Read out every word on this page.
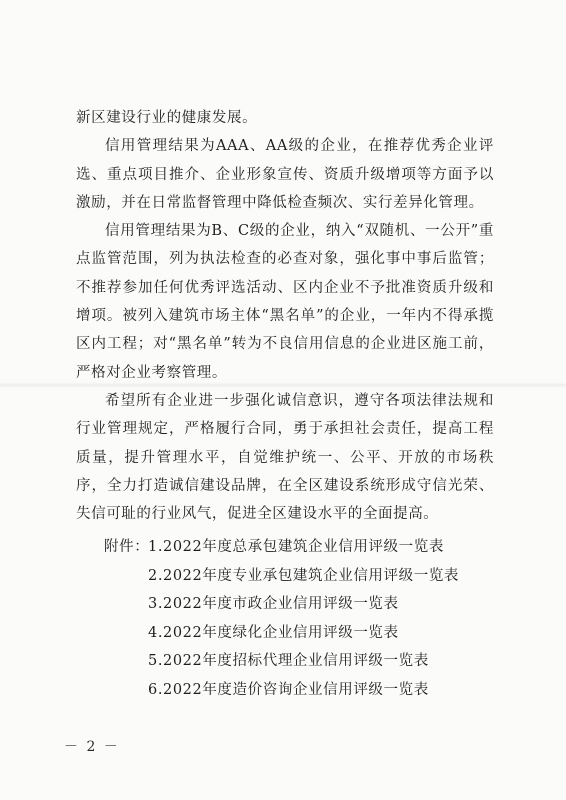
新区建设行业的健康发展。

信用管理结果为AAA、AA级的企业，在推荐优秀企业评选、重点项目推介、企业形象宣传、资质升级增项等方面予以激励，并在日常监督管理中降低检查频次、实行差异化管理。

信用管理结果为B、C级的企业，纳入“双随机、一公开”重点监管范围，列为执法检查的必查对象，强化事中事后监管；不推荐参加任何优秀评选活动、区内企业不予批准资质升级和增项。被列入建筑市场主体“黑名单”的企业，一年内不得承揽区内工程；对“黑名单”转为不良信用信息的企业进区施工前，严格对企业考察管理。

希望所有企业进一步强化诚信意识，遵守各项法律法规和行业管理规定，严格履行合同，勇于承担社会责任，提高工程质量，提升管理水平，自觉维护统一、公平、开放的市场秩序，全力打造诚信建设品牌，在全区建设系统形成守信光荣、失信可耻的行业风气，促进全区建设水平的全面提高。

附件：
1.2022年度总承包建筑企业信用评级一览表
2.2022年度专业承包建筑企业信用评级一览表
3.2022年度市政企业信用评级一览表
4.2022年度绿化企业信用评级一览表
5.2022年度招标代理企业信用评级一览表
6.2022年度造价咨询企业信用评级一览表
－ 2 －
